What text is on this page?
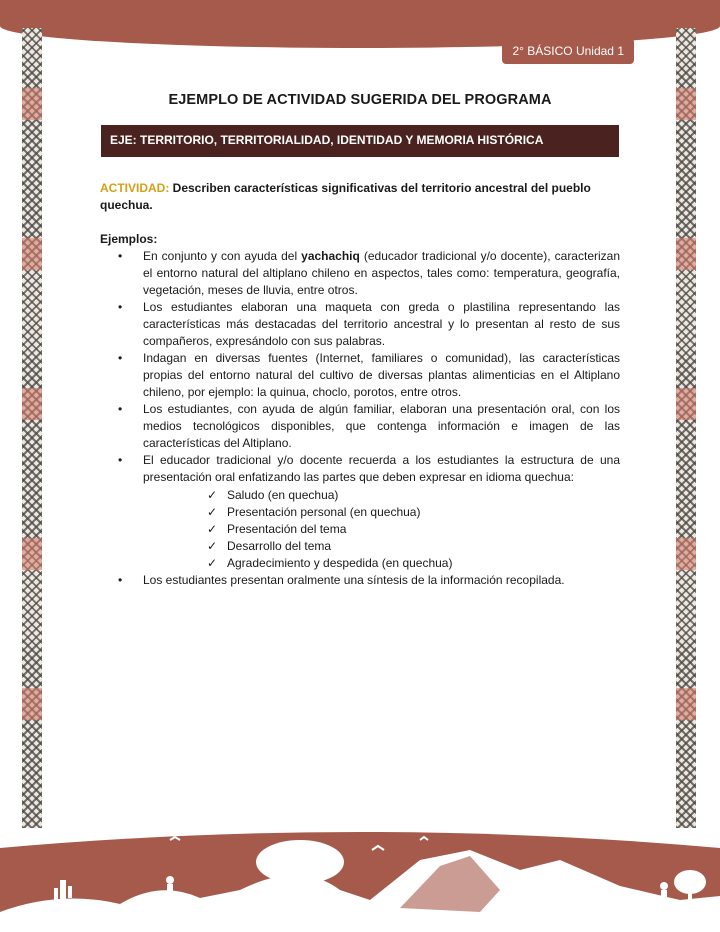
2° BÁSICO Unidad 1
EJEMPLO DE ACTIVIDAD SUGERIDA DEL PROGRAMA
EJE: TERRITORIO, TERRITORIALIDAD, IDENTIDAD Y MEMORIA HISTÓRICA
ACTIVIDAD: Describen características significativas del territorio ancestral del pueblo quechua.
Ejemplos:
• En conjunto y con ayuda del yachachiq (educador tradicional y/o docente), caracterizan el entorno natural del altiplano chileno en aspectos, tales como: temperatura, geografía, vegetación, meses de lluvia, entre otros.
• Los estudiantes elaboran una maqueta con greda o plastilina representando las características más destacadas del territorio ancestral y lo presentan al resto de sus compañeros, expresándolo con sus palabras.
• Indagan en diversas fuentes (Internet, familiares o comunidad), las características propias del entorno natural del cultivo de diversas plantas alimenticias en el Altiplano chileno, por ejemplo: la quinua, choclo, porotos, entre otros.
• Los estudiantes, con ayuda de algún familiar, elaboran una presentación oral, con los medios tecnológicos disponibles, que contenga información e imagen de las características del Altiplano.
• El educador tradicional y/o docente recuerda a los estudiantes la estructura de una presentación oral enfatizando las partes que deben expresar en idioma quechua:
✓ Saludo (en quechua)
✓ Presentación personal (en quechua)
✓ Presentación del tema
✓ Desarrollo del tema
✓ Agradecimiento y despedida (en quechua)
• Los estudiantes presentan oralmente una síntesis de la información recopilada.
